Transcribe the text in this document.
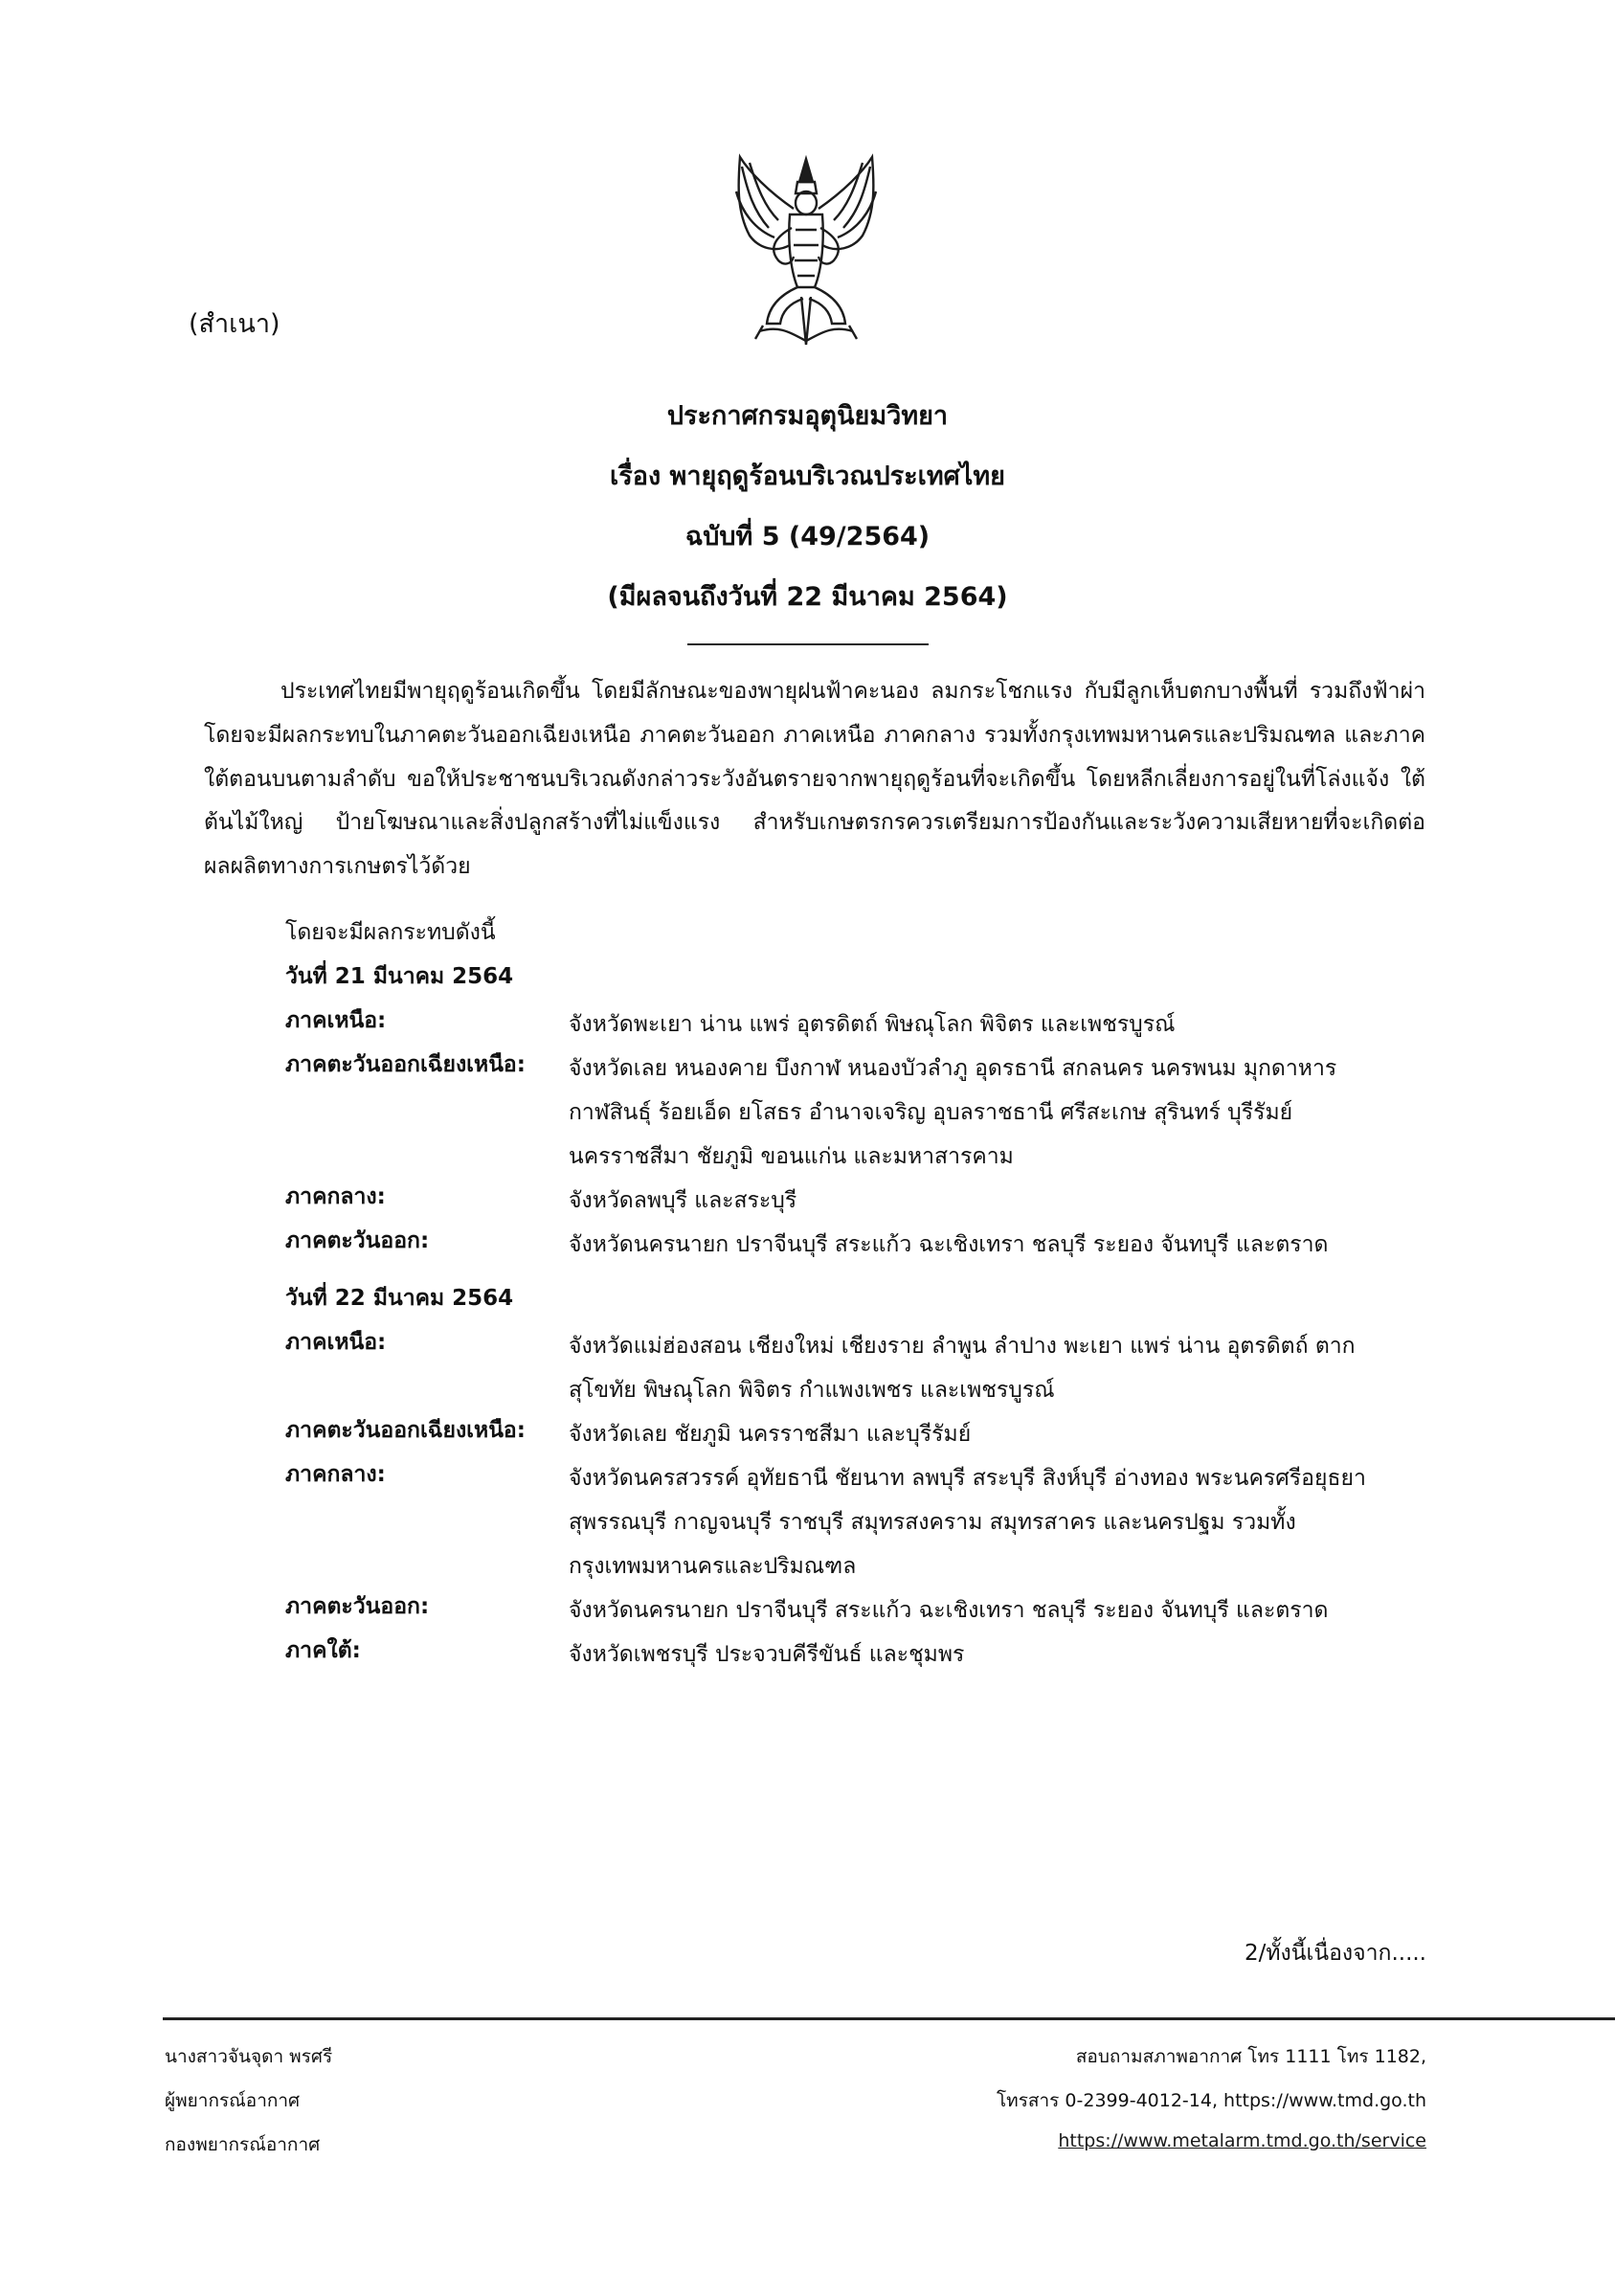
(สำเนา)
ประกาศกรมอุตุนิยมวิทยา
เรื่อง พายุฤดูร้อนบริเวณประเทศไทย
ฉบับที่ 5 (49/2564)
(มีผลจนถึงวันที่ 22 มีนาคม 2564)
ประเทศไทยมีพายุฤดูร้อนเกิดขึ้น โดยมีลักษณะของพายุฝนฟ้าคะนอง ลมกระโชกแรง กับมีลูกเห็บตกบางพื้นที่ รวมถึงฟ้าผ่า โดยจะมีผลกระทบในภาคตะวันออกเฉียงเหนือ ภาคตะวันออก ภาคเหนือ ภาคกลาง รวมทั้งกรุงเทพมหานครและปริมณฑล และภาคใต้ตอนบนตามลำดับ ขอให้ประชาชนบริเวณดังกล่าวระวังอันตรายจากพายุฤดูร้อนที่จะเกิดขึ้น โดยหลีกเลี่ยงการอยู่ในที่โล่งแจ้ง ใต้ต้นไม้ใหญ่ ป้ายโฆษณาและสิ่งปลูกสร้างที่ไม่แข็งแรง สำหรับเกษตรกรควรเตรียมการป้องกันและระวังความเสียหายที่จะเกิดต่อผลผลิตทางการเกษตรไว้ด้วย
โดยจะมีผลกระทบดังนี้
วันที่ 21 มีนาคม 2564
ภาคเหนือ:	จังหวัดพะเยา น่าน แพร่ อุตรดิตถ์ พิษณุโลก พิจิตร และเพชรบูรณ์
ภาคตะวันออกเฉียงเหนือ: จังหวัดเลย หนองคาย บึงกาฬ หนองบัวลำภู อุดรธานี สกลนคร นครพนม มุกดาหาร กาฬสินธุ์ ร้อยเอ็ด ยโสธร อำนาจเจริญ อุบลราชธานี ศรีสะเกษ สุรินทร์ บุรีรัมย์ นครราชสีมา ชัยภูมิ ขอนแก่น และมหาสารคาม
ภาคกลาง:	จังหวัดลพบุรี และสระบุรี
ภาคตะวันออก:	จังหวัดนครนายก ปราจีนบุรี สระแก้ว ฉะเชิงเทรา ชลบุรี ระยอง จันทบุรี และตราด
วันที่ 22 มีนาคม 2564
ภาคเหนือ:	จังหวัดแม่ฮ่องสอน เชียงใหม่ เชียงราย ลำพูน ลำปาง พะเยา แพร่ น่าน อุตรดิตถ์ ตาก สุโขทัย พิษณุโลก พิจิตร กำแพงเพชร และเพชรบูรณ์
ภาคตะวันออกเฉียงเหนือ: จังหวัดเลย ชัยภูมิ นครราชสีมา และบุรีรัมย์
ภาคกลาง:	จังหวัดนครสวรรค์ อุทัยธานี ชัยนาท ลพบุรี สระบุรี สิงห์บุรี อ่างทอง พระนครศรีอยุธยา สุพรรณบุรี กาญจนบุรี ราชบุรี สมุทรสงคราม สมุทรสาคร และนครปฐม รวมทั้งกรุงเทพมหานครและปริมณฑล
ภาคตะวันออก:	จังหวัดนครนายก ปราจีนบุรี สระแก้ว ฉะเชิงเทรา ชลบุรี ระยอง จันทบุรี และตราด
ภาคใต้:	จังหวัดเพชรบุรี ประจวบคีรีขันธ์ และชุมพร
2/ทั้งนี้เนื่องจาก.....
นางสาวจันจุดา พรศรี
ผู้พยากรณ์อากาศ
กองพยากรณ์อากาศ
สอบถามสภาพอากาศ โทร 1111 โทร 1182,
โทรสาร 0-2399-4012-14, https://www.tmd.go.th
https://www.metalarm.tmd.go.th/service
